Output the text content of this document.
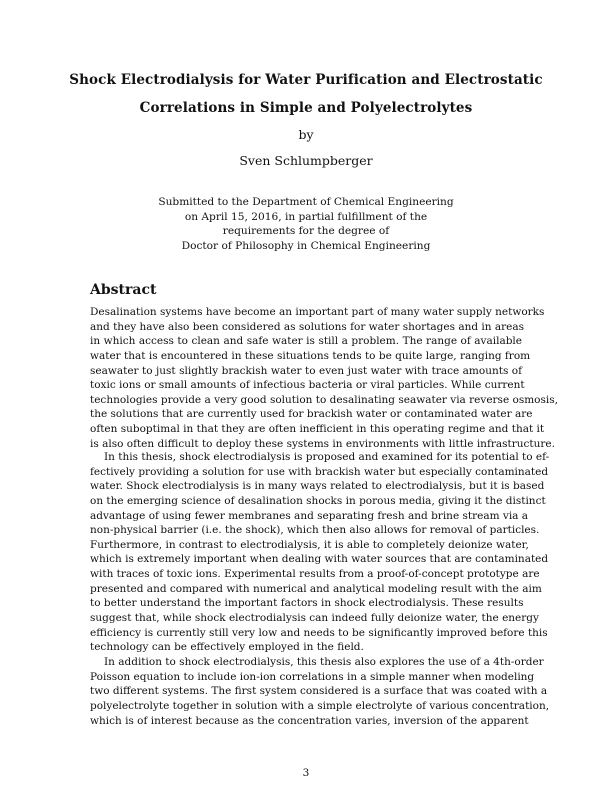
Shock Electrodialysis for Water Purification and Electrostatic
Correlations in Simple and Polyelectrolytes
by
Sven Schlumpberger
Submitted to the Department of Chemical Engineering
on April 15, 2016, in partial fulfillment of the
requirements for the degree of
Doctor of Philosophy in Chemical Engineering
Abstract
Desalination systems have become an important part of many water supply networks
and they have also been considered as solutions for water shortages and in areas
in which access to clean and safe water is still a problem. The range of available
water that is encountered in these situations tends to be quite large, ranging from
seawater to just slightly brackish water to even just water with trace amounts of
toxic ions or small amounts of infectious bacteria or viral particles. While current
technologies provide a very good solution to desalinating seawater via reverse osmosis,
the solutions that are currently used for brackish water or contaminated water are
often suboptimal in that they are often inefficient in this operating regime and that it
is also often difficult to deploy these systems in environments with little infrastructure.
In this thesis, shock electrodialysis is proposed and examined for its potential to ef-
fectively providing a solution for use with brackish water but especially contaminated
water. Shock electrodialysis is in many ways related to electrodialysis, but it is based
on the emerging science of desalination shocks in porous media, giving it the distinct
advantage of using fewer membranes and separating fresh and brine stream via a
non-physical barrier (i.e. the shock), which then also allows for removal of particles.
Furthermore, in contrast to electrodialysis, it is able to completely deionize water,
which is extremely important when dealing with water sources that are contaminated
with traces of toxic ions. Experimental results from a proof-of-concept prototype are
presented and compared with numerical and analytical modeling result with the aim
to better understand the important factors in shock electrodialysis. These results
suggest that, while shock electrodialysis can indeed fully deionize water, the energy
efficiency is currently still very low and needs to be significantly improved before this
technology can be effectively employed in the field.
In addition to shock electrodialysis, this thesis also explores the use of a 4th-order
Poisson equation to include ion-ion correlations in a simple manner when modeling
two different systems. The first system considered is a surface that was coated with a
polyelectrolyte together in solution with a simple electrolyte of various concentration,
which is of interest because as the concentration varies, inversion of the apparent
3
